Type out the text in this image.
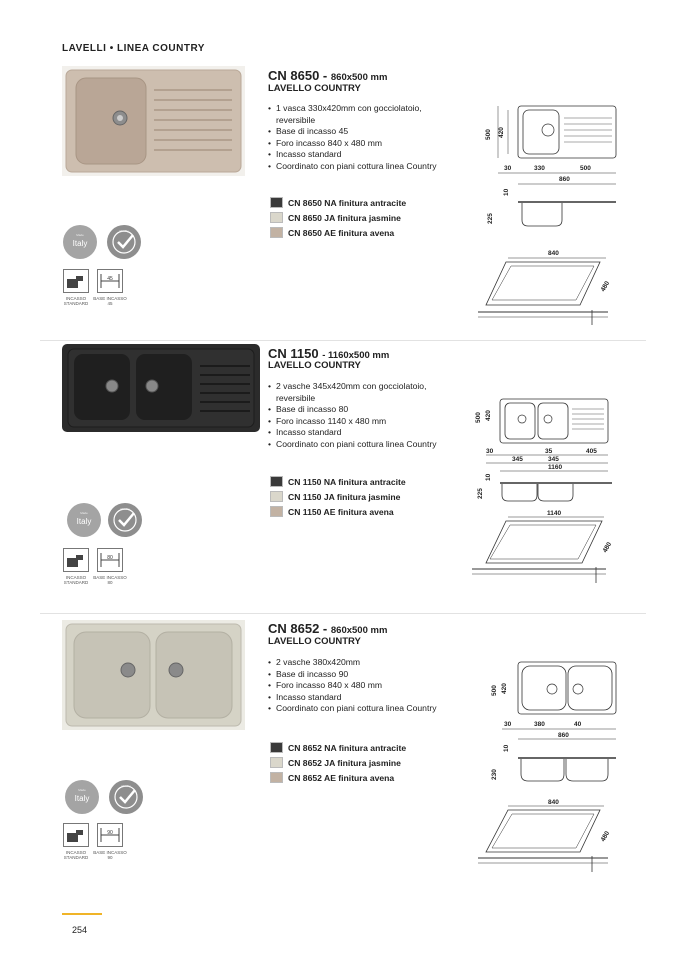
LAVELLI • LINEA COUNTRY
CN 8650 - 860x500 mm
LAVELLO COUNTRY
• 1 vasca 330x420mm con gocciolatoio, reversibile
• Base di incasso 45
• Foro incasso 840 x 480 mm
• Incasso standard
• Coordinato con piani cottura linea Country
CN 8650 NA finitura antracite
CN 8650 JA finitura jasmine
CN 8650 AE finitura avena
Made
Italy
Quality
INCASSO STANDARD
45
BASE INCASSO 45
500 420
30	330	500
860
10
225
840
480
CN 1150 - 1160x500 mm
LAVELLO COUNTRY
• 2 vasche 345x420mm con gocciolatoio, reversibile
• Base di incasso 80
• Foro incasso 1140 x 480 mm
• Incasso standard
• Coordinato con piani cottura linea Country
CN 1150 NA finitura antracite
CN 1150 JA finitura jasmine
CN 1150 AE finitura avena
Made
Italy
Quality
INCASSO STANDARD
80
BASE INCASSO 80
500 420
30	35	405
345	345
1160
10
225
1140
480
CN 8652 - 860x500 mm
LAVELLO COUNTRY
• 2 vasche 380x420mm
• Base di incasso 90
• Foro incasso 840 x 480 mm
• Incasso standard
• Coordinato con piani cottura linea Country
CN 8652 NA finitura antracite
CN 8652 JA finitura jasmine
CN 8652 AE finitura avena
Made
Italy
Quality
INCASSO STANDARD
90
BASE INCASSO 90
500 420
30	380	40
860
10
230
840
480
254
